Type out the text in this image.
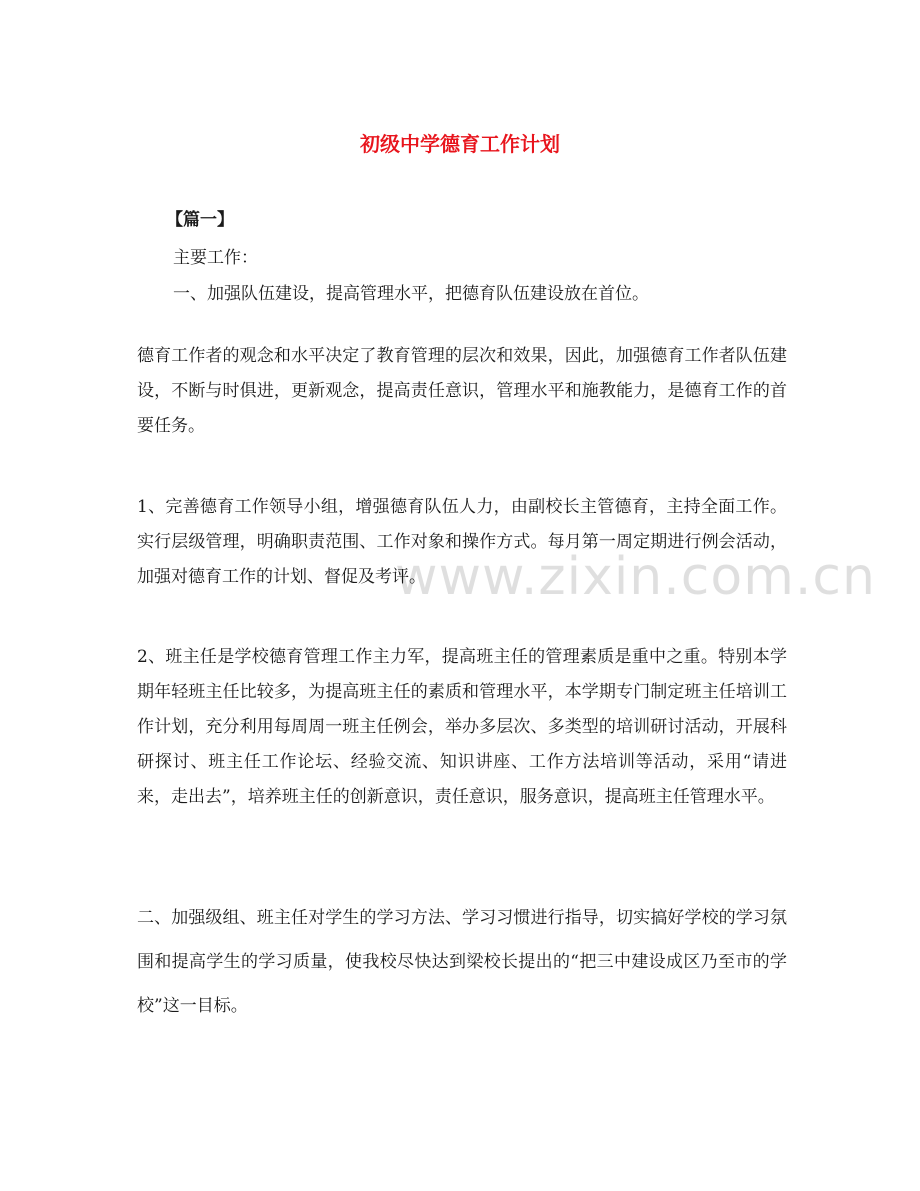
初级中学德育工作计划
【篇一】
主要工作：
一、加强队伍建设，提高管理水平，把德育队伍建设放在首位。
德育工作者的观念和水平决定了教育管理的层次和效果，因此，加强德育工作者队伍建设，不断与时俱进，更新观念，提高责任意识，管理水平和施教能力，是德育工作的首要任务。
1、完善德育工作领导小组，增强德育队伍人力，由副校长主管德育，主持全面工作。实行层级管理，明确职责范围、工作对象和操作方式。每月第一周定期进行例会活动，加强对德育工作的计划、督促及考评。
2、班主任是学校德育管理工作主力军，提高班主任的管理素质是重中之重。特别本学期年轻班主任比较多，为提高班主任的素质和管理水平，本学期专门制定班主任培训工作计划，充分利用每周周一班主任例会，举办多层次、多类型的培训研讨活动，开展科研探讨、班主任工作论坛、经验交流、知识讲座、工作方法培训等活动，采用“请进来，走出去”，培养班主任的创新意识，责任意识，服务意识，提高班主任管理水平。
二、加强级组、班主任对学生的学习方法、学习习惯进行指导，切实搞好学校的学习氛围和提高学生的学习质量，使我校尽快达到梁校长提出的“把三中建设成区乃至市的学校”这一目标。
www.zixin.com.cn
